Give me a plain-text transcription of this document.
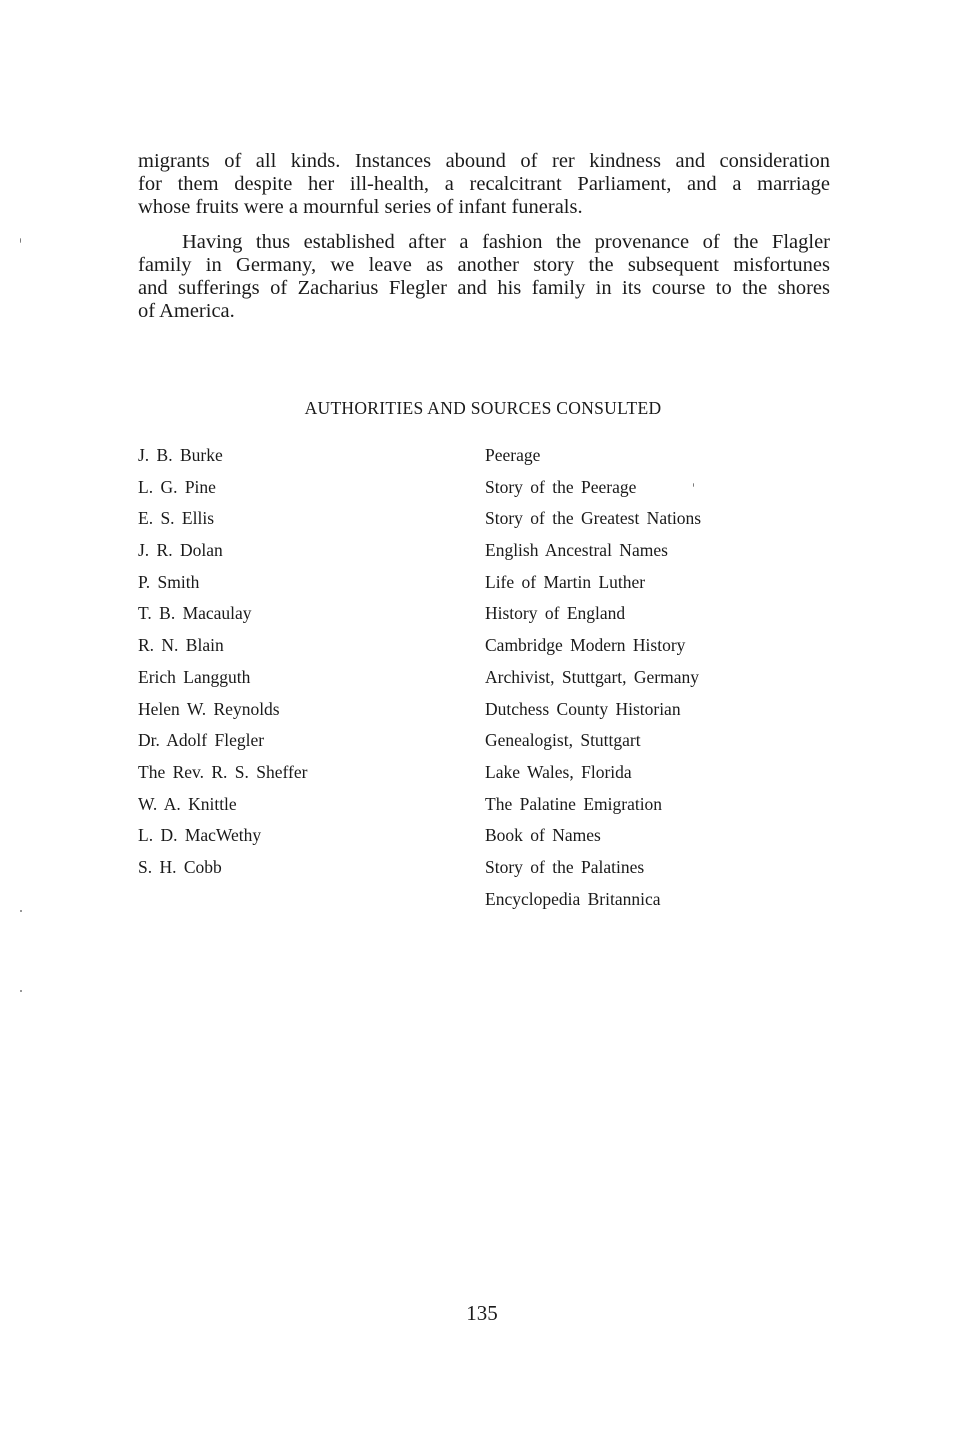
migrants of all kinds. Instances abound of rer kindness and consideration
for them despite her ill-health, a recalcitrant Parliament, and a marriage
whose fruits were a mournful series of infant funerals.
Having thus established after a fashion the provenance of the Flagler
family in Germany, we leave as another story the subsequent misfortunes
and sufferings of Zacharius Flegler and his family in its course to the shores
of America.
AUTHORITIES AND SOURCES CONSULTED
J. B. Burke
L. G. Pine
E. S. Ellis
J. R. Dolan
P. Smith
T. B. Macaulay
R. N. Blain
Erich Langguth
Helen W. Reynolds
Dr. Adolf Flegler
The Rev. R. S. Sheffer
W. A. Knittle
L. D. MacWethy
S. H. Cobb
Peerage
Story of the Peerage
Story of the Greatest Nations
English Ancestral Names
Life of Martin Luther
History of England
Cambridge Modern History
Archivist, Stuttgart, Germany
Dutchess County Historian
Genealogist, Stuttgart
Lake Wales, Florida
The Palatine Emigration
Book of Names
Story of the Palatines
Encyclopedia Britannica

135
